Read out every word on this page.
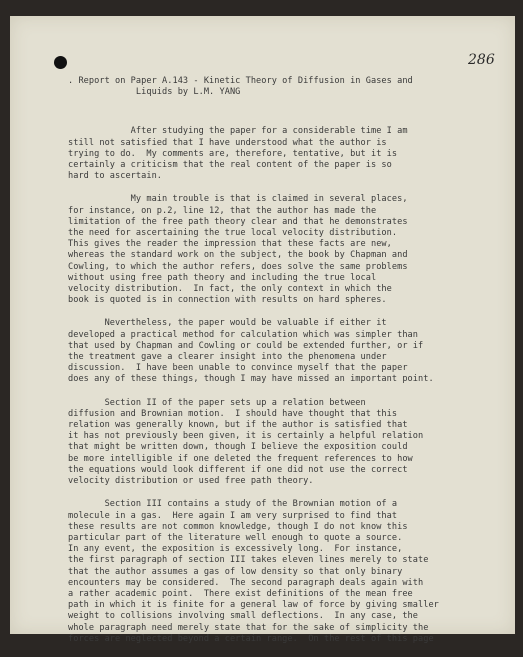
286

. Report on Paper A.143 - Kinetic Theory of Diffusion in Gases and
Liquids by L.M. YANG

After studying the paper for a considerable time I am
still not satisfied that I have understood what the author is
trying to do.  My comments are, therefore, tentative, but it is
certainly a criticism that the real content of the paper is so
hard to ascertain.

My main trouble is that is claimed in several places,
for instance, on p.2, line 12, that the author has made the
limitation of the free path theory clear and that he demonstrates
the need for ascertaining the true local velocity distribution.
This gives the reader the impression that these facts are new,
whereas the standard work on the subject, the book by Chapman and
Cowling, to which the author refers, does solve the same problems
without using free path theory and including the true local
velocity distribution.  In fact, the only context in which the
book is quoted is in connection with results on hard spheres.

Nevertheless, the paper would be valuable if either it
developed a practical method for calculation which was simpler than
that used by Chapman and Cowling or could be extended further, or if
the treatment gave a clearer insight into the phenomena under
discussion.  I have been unable to convince myself that the paper
does any of these things, though I may have missed an important point.

Section II of the paper sets up a relation between
diffusion and Brownian motion.  I should have thought that this
relation was generally known, but if the author is satisfied that
it has not previously been given, it is certainly a helpful relation
that might be written down, though I believe the exposition could
be more intelligible if one deleted the frequent references to how
the equations would look different if one did not use the correct
velocity distribution or used free path theory.

Section III contains a study of the Brownian motion of a
molecule in a gas.  Here again I am very surprised to find that
these results are not common knowledge, though I do not know this
particular part of the literature well enough to quote a source.
In any event, the exposition is excessively long.  For instance,
the first paragraph of section III takes eleven lines merely to state
that the author assumes a gas of low density so that only binary
encounters may be considered.  The second paragraph deals again with
a rather academic point.  There exist definitions of the mean free
path in which it is finite for a general law of force by giving smaller
weight to collisions involving small deflections.  In any case, the
whole paragraph need merely state that for the sake of simplicity the
forces are neglected beyond a certain range.  On the rest of this page
